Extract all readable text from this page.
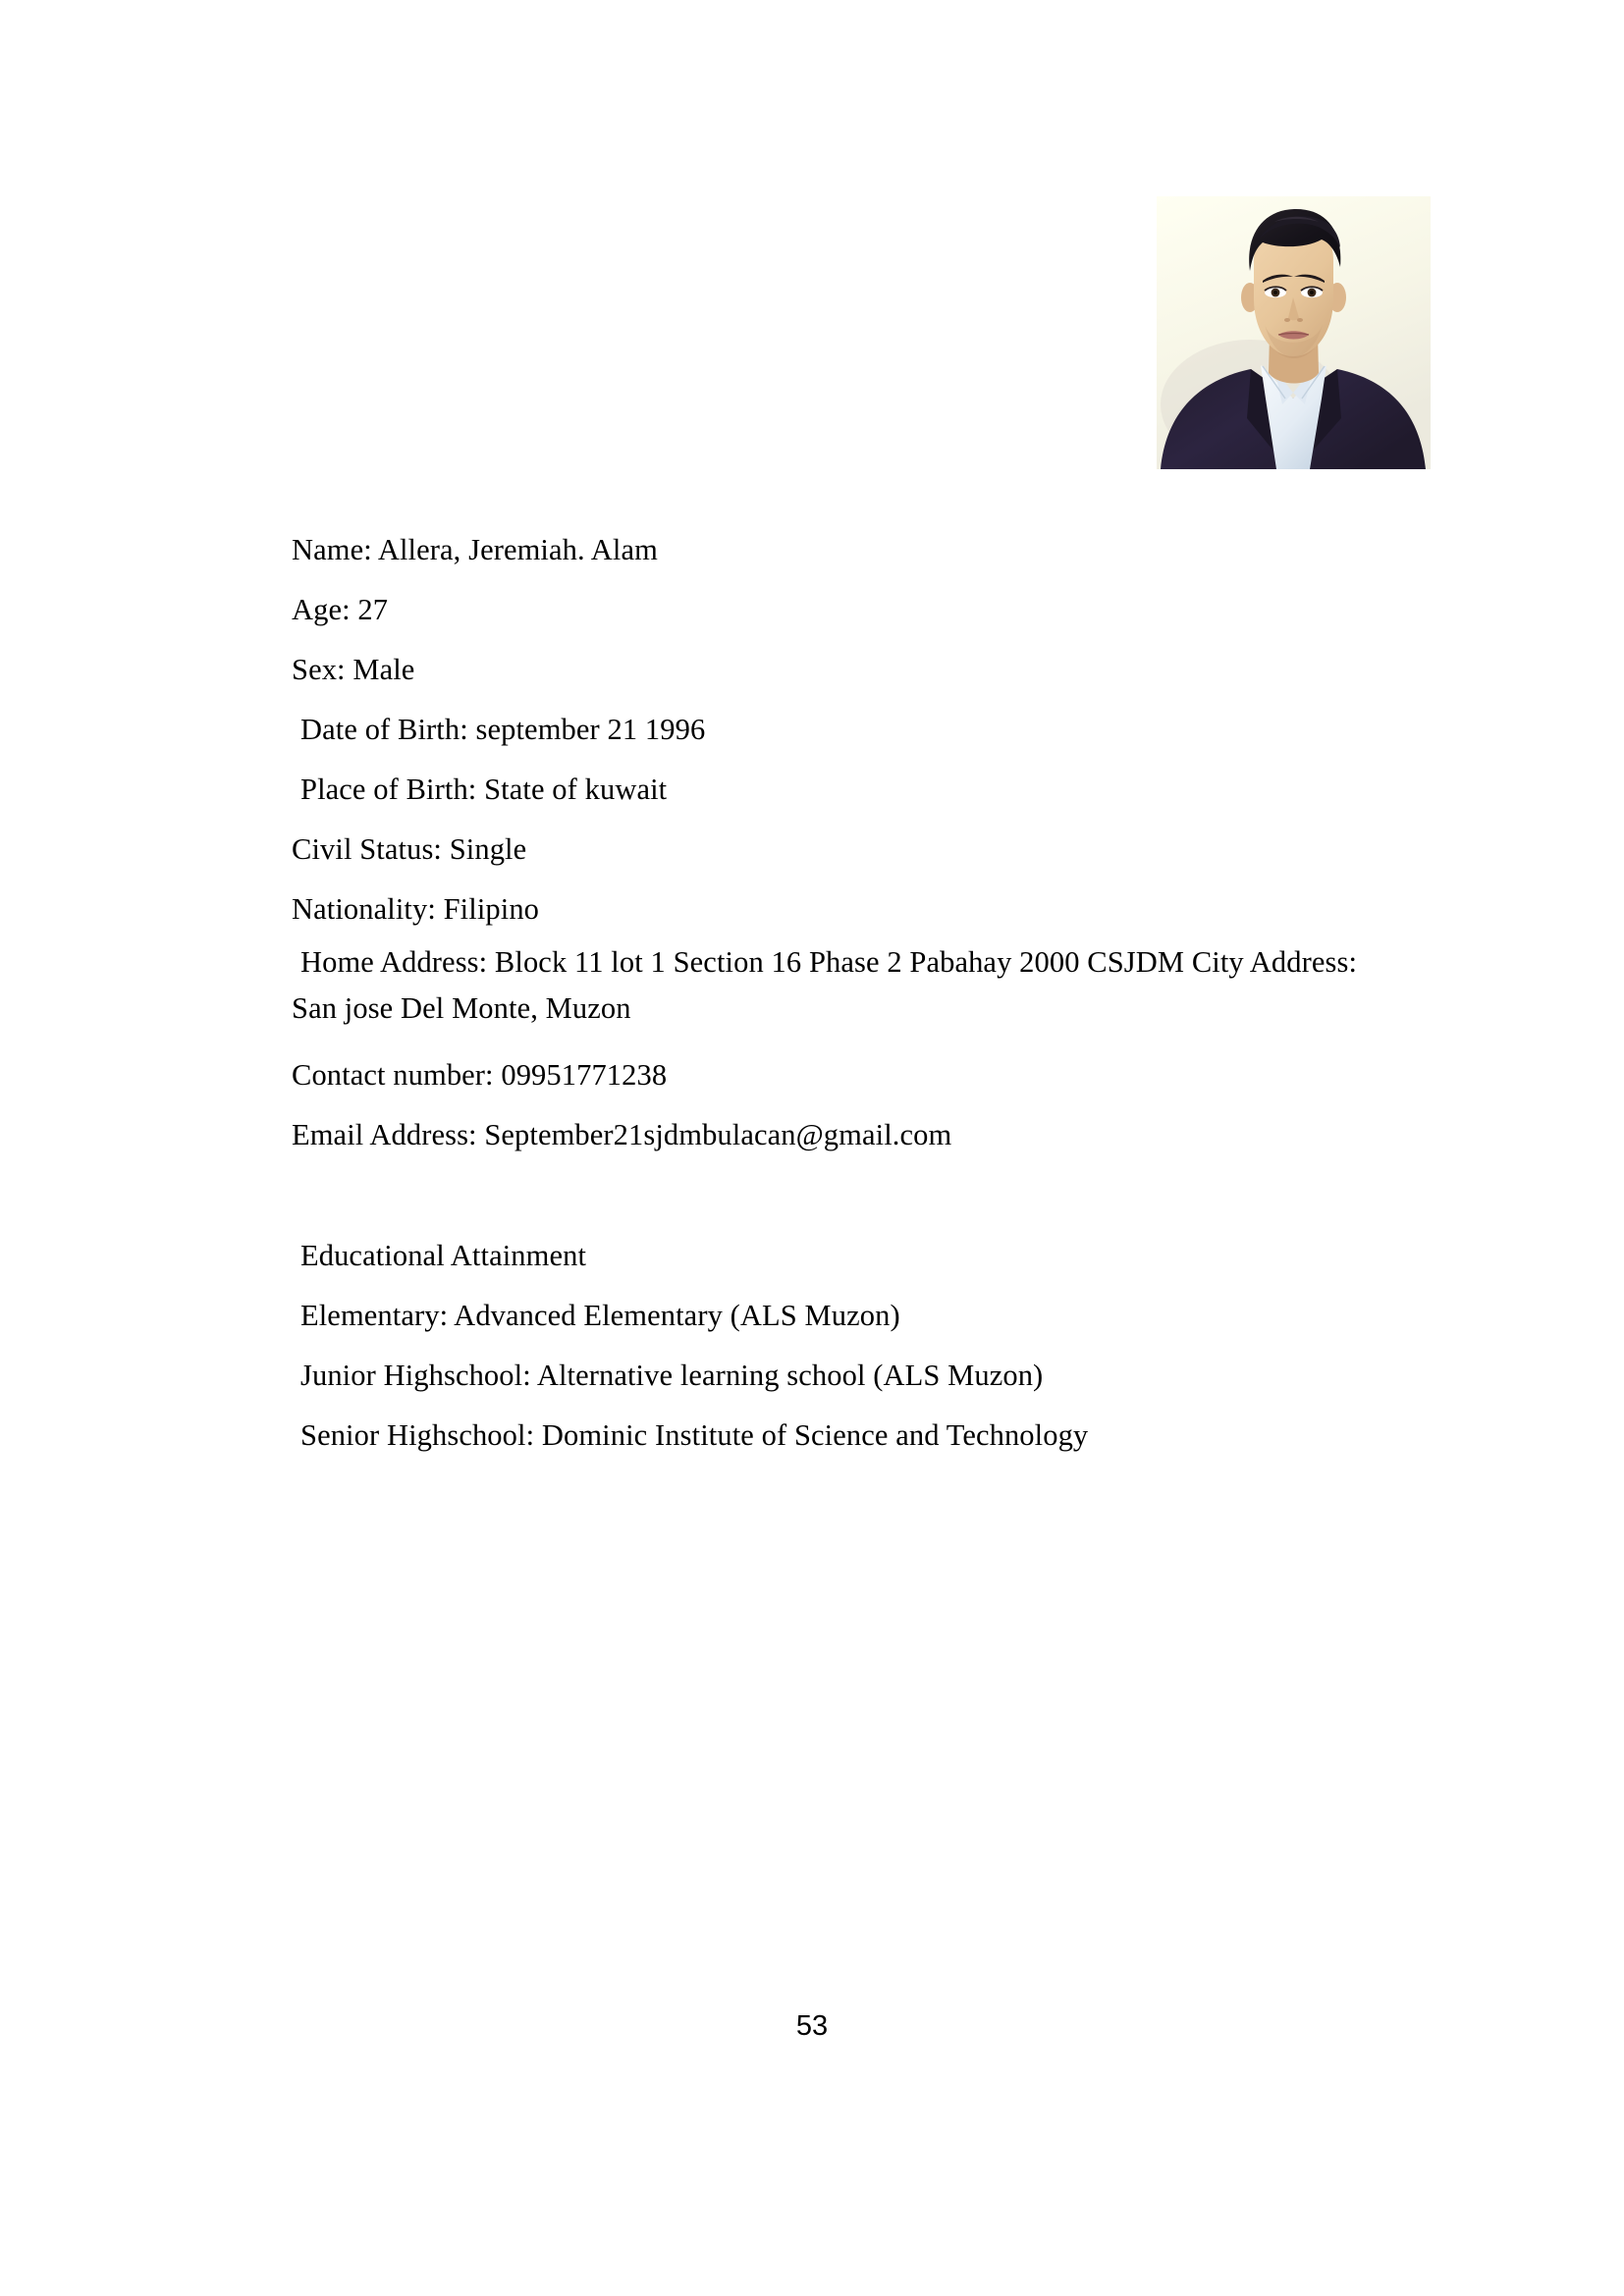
Name: Allera, Jeremiah. Alam
Age: 27
Sex: Male
Date of Birth: september 21 1996
Place of Birth: State of kuwait
Civil Status: Single
Nationality: Filipino
Home Address: Block 11 lot 1 Section 16 Phase 2 Pabahay 2000 CSJDM City Address:
San jose Del Monte, Muzon
Contact number: 09951771238
Email Address: September21sjdmbulacan@gmail.com
Educational Attainment
Elementary: Advanced Elementary (ALS Muzon)
Junior Highschool: Alternative learning school (ALS Muzon)
Senior Highschool: Dominic Institute of Science and Technology
53
